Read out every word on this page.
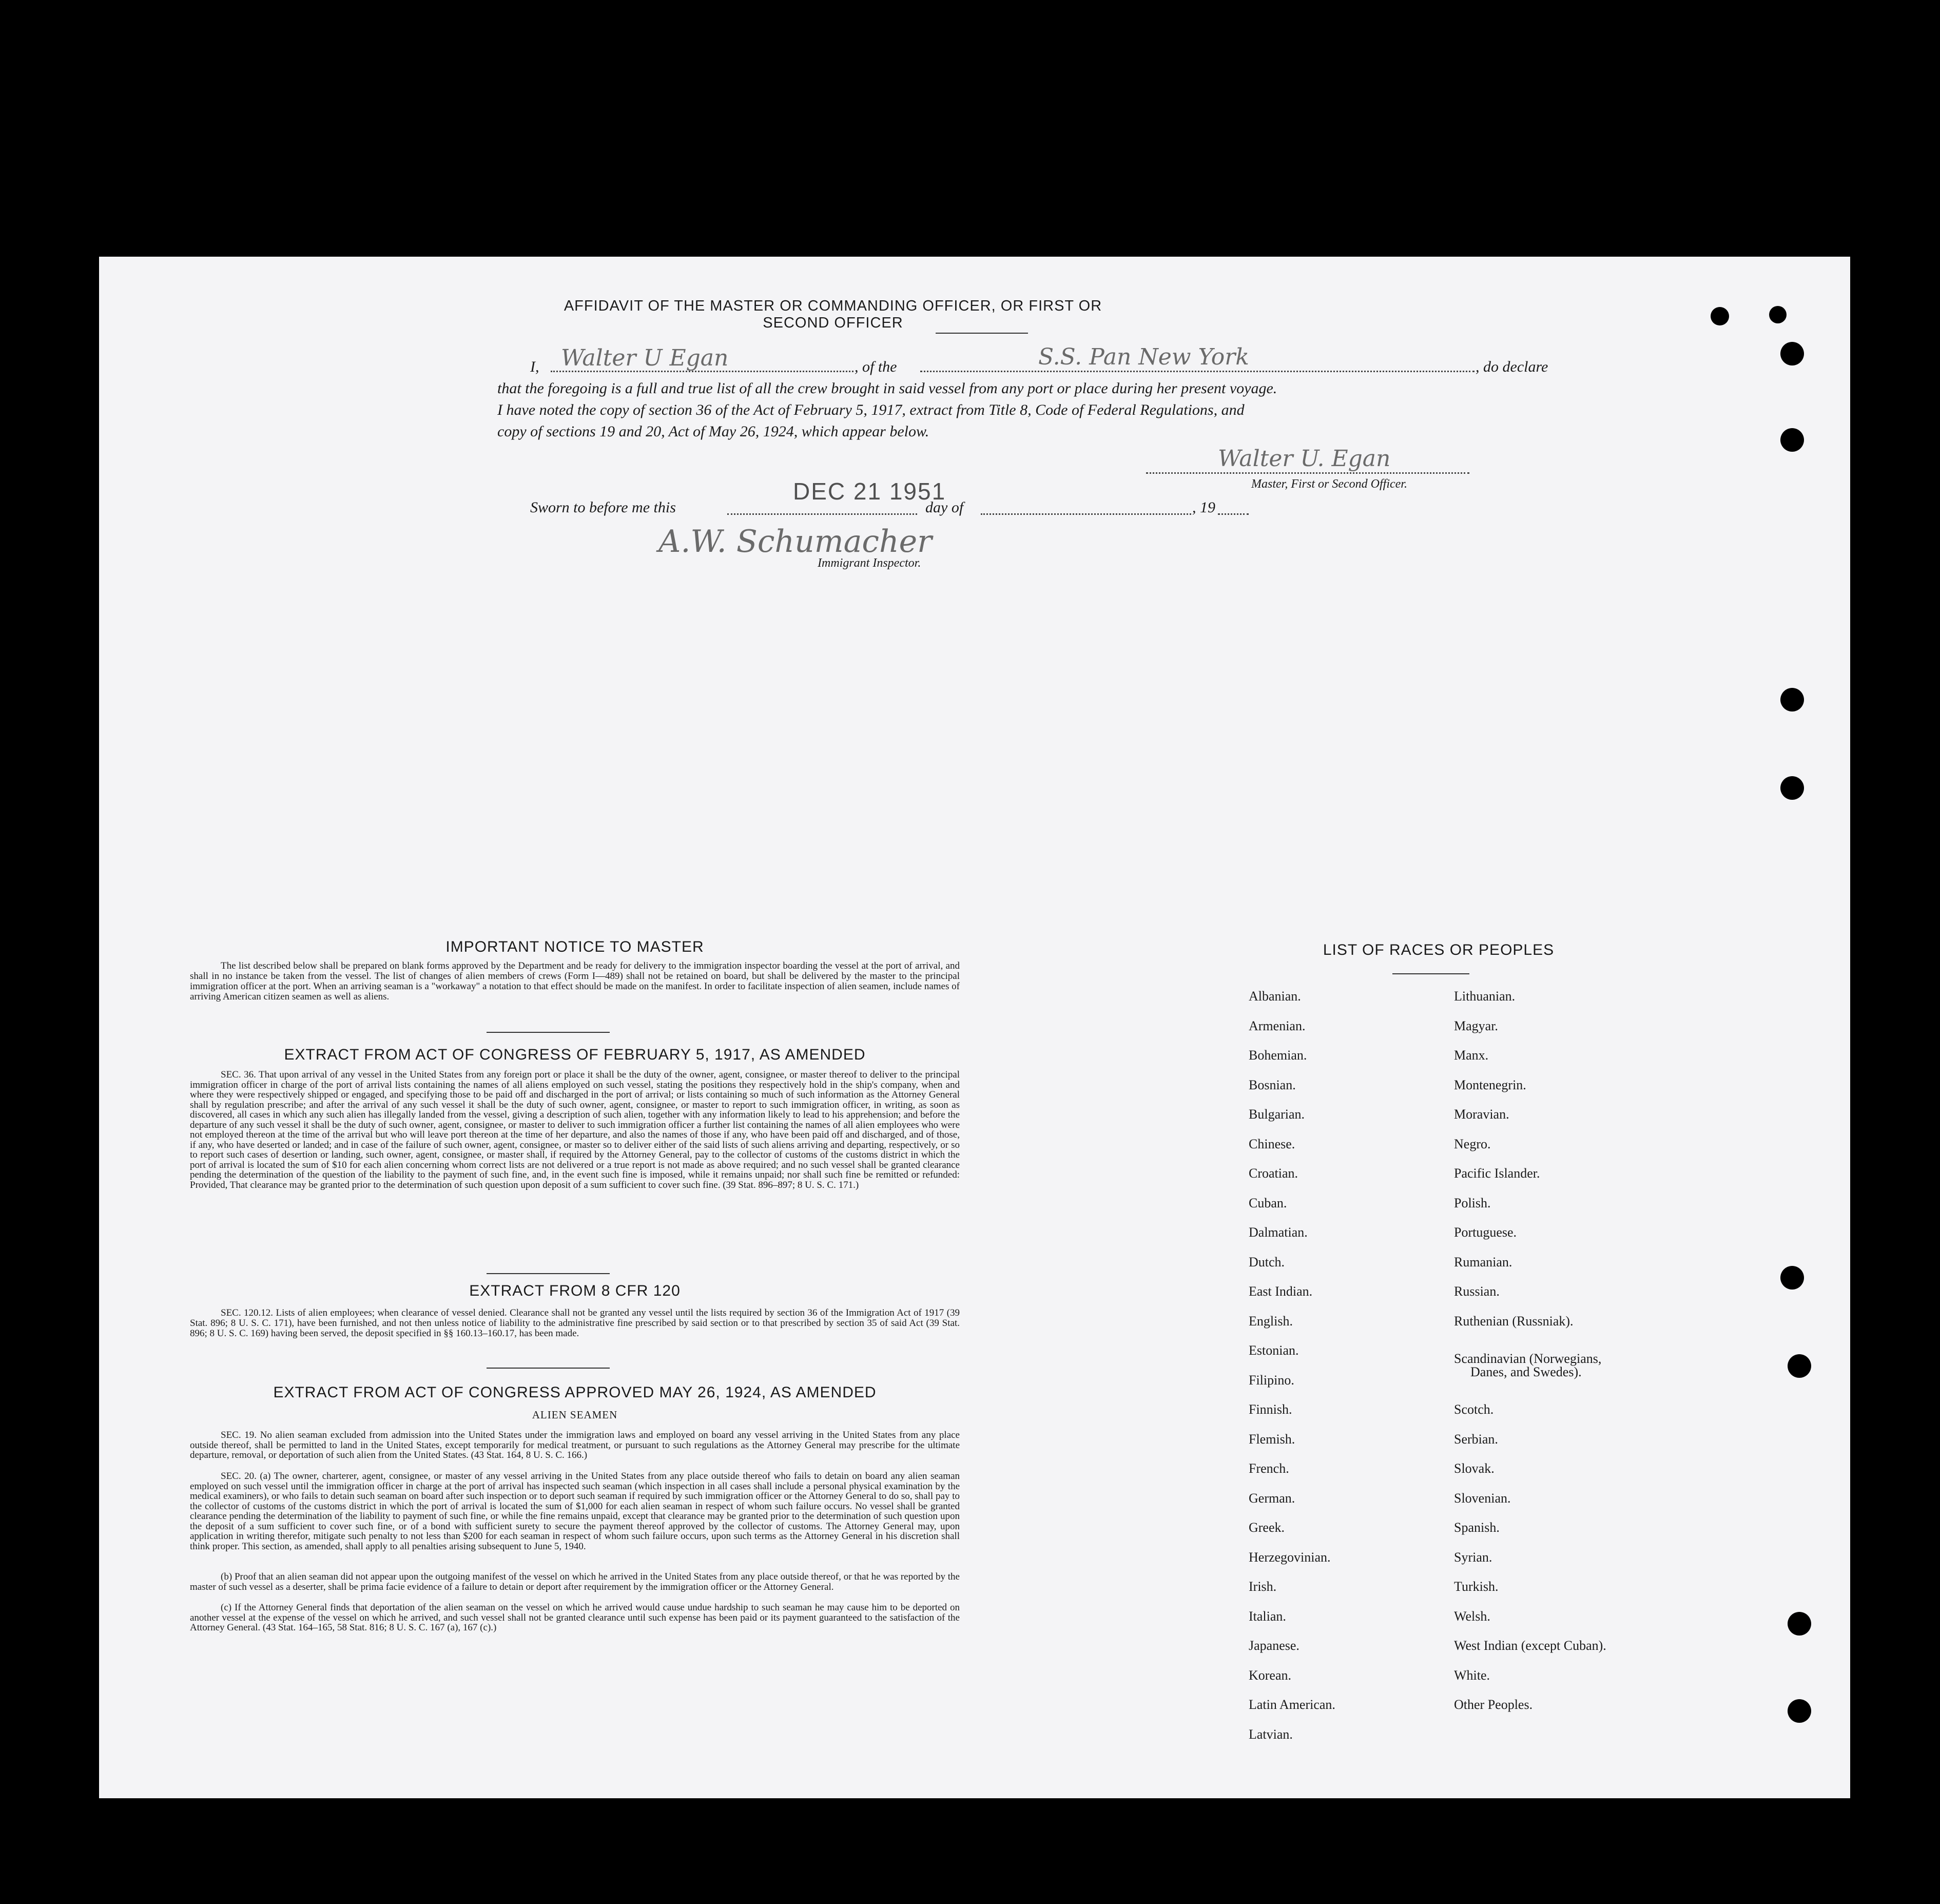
AFFIDAVIT OF THE MASTER OR COMMANDING OFFICER, OR FIRST OR SECOND OFFICER
I, Walter U Egan	, of the	S.S. Pan New York	, do declare
that the foregoing is a full and true list of all the crew brought in said vessel from any port or place during her present voyage.
I have noted the copy of section 36 of the Act of February 5, 1917, extract from Title 8, Code of Federal Regulations, and
copy of sections 19 and 20, Act of May 26, 1924, which appear below.
Walter U. Egan
Master, First or Second Officer.
Sworn to before me this
DEC 21 1951
day of	, 19
A.W. Schumacher
Immigrant Inspector.
IMPORTANT NOTICE TO MASTER
The list described below shall be prepared on blank forms approved by the Department and be ready for delivery to the immigration inspector boarding the vessel at the port of arrival, and shall in no instance be taken from the vessel. The list of changes of alien members of crews (Form I—489) shall not be retained on board, but shall be delivered by the master to the principal immigration officer at the port. When an arriving seaman is a "workaway" a notation to that effect should be made on the manifest. In order to facilitate inspection of alien seamen, include names of arriving American citizen seamen as well as aliens.
EXTRACT FROM ACT OF CONGRESS OF FEBRUARY 5, 1917, AS AMENDED
SEC. 36. That upon arrival of any vessel in the United States from any foreign port or place it shall be the duty of the owner, agent, consignee, or master thereof to deliver to the principal immigration officer in charge of the port of arrival lists containing the names of all aliens employed on such vessel, stating the positions they respectively hold in the ship's company, when and where they were respectively shipped or engaged, and specifying those to be paid off and discharged in the port of arrival; or lists containing so much of such information as the Attorney General shall by regulation prescribe; and after the arrival of any such vessel it shall be the duty of such owner, agent, consignee, or master to report to such immigration officer, in writing, as soon as discovered, all cases in which any such alien has illegally landed from the vessel, giving a description of such alien, together with any information likely to lead to his apprehension; and before the departure of any such vessel it shall be the duty of such owner, agent, consignee, or master to deliver to such immigration officer a further list containing the names of all alien employees who were not employed thereon at the time of the arrival but who will leave port thereon at the time of her departure, and also the names of those if any, who have been paid off and discharged, and of those, if any, who have deserted or landed; and in case of the failure of such owner, agent, consignee, or master so to deliver either of the said lists of such aliens arriving and departing, respectively, or so to report such cases of desertion or landing, such owner, agent, consignee, or master shall, if required by the Attorney General, pay to the collector of customs of the customs district in which the port of arrival is located the sum of $10 for each alien concerning whom correct lists are not delivered or a true report is not made as above required; and no such vessel shall be granted clearance pending the determination of the question of the liability to the payment of such fine, and, in the event such fine is imposed, while it remains unpaid; nor shall such fine be remitted or refunded: Provided, That clearance may be granted prior to the determination of such question upon deposit of a sum sufficient to cover such fine. (39 Stat. 896–897; 8 U. S. C. 171.)
EXTRACT FROM 8 CFR 120
SEC. 120.12. Lists of alien employees; when clearance of vessel denied. Clearance shall not be granted any vessel until the lists required by section 36 of the Immigration Act of 1917 (39 Stat. 896; 8 U. S. C. 171), have been furnished, and not then unless notice of liability to the administrative fine prescribed by said section or to that prescribed by section 35 of said Act (39 Stat. 896; 8 U. S. C. 169) having been served, the deposit specified in §§ 160.13–160.17, has been made.
EXTRACT FROM ACT OF CONGRESS APPROVED MAY 26, 1924, AS AMENDED
ALIEN SEAMEN
SEC. 19. No alien seaman excluded from admission into the United States under the immigration laws and employed on board any vessel arriving in the United States from any place outside thereof, shall be permitted to land in the United States, except temporarily for medical treatment, or pursuant to such regulations as the Attorney General may prescribe for the ultimate departure, removal, or deportation of such alien from the United States. (43 Stat. 164, 8 U. S. C. 166.)
SEC. 20. (a) The owner, charterer, agent, consignee, or master of any vessel arriving in the United States from any place outside thereof who fails to detain on board any alien seaman employed on such vessel until the immigration officer in charge at the port of arrival has inspected such seaman (which inspection in all cases shall include a personal physical examination by the medical examiners), or who fails to detain such seaman on board after such inspection or to deport such seaman if required by such immigration officer or the Attorney General to do so, shall pay to the collector of customs of the customs district in which the port of arrival is located the sum of $1,000 for each alien seaman in respect of whom such failure occurs. No vessel shall be granted clearance pending the determination of the liability to payment of such fine, or while the fine remains unpaid, except that clearance may be granted prior to the determination of such question upon the deposit of a sum sufficient to cover such fine, or of a bond with sufficient surety to secure the payment thereof approved by the collector of customs. The Attorney General may, upon application in writing therefor, mitigate such penalty to not less than $200 for each seaman in respect of whom such failure occurs, upon such terms as the Attorney General in his discretion shall think proper. This section, as amended, shall apply to all penalties arising subsequent to June 5, 1940.
(b) Proof that an alien seaman did not appear upon the outgoing manifest of the vessel on which he arrived in the United States from any place outside thereof, or that he was reported by the master of such vessel as a deserter, shall be prima facie evidence of a failure to detain or deport after requirement by the immigration officer or the Attorney General.
(c) If the Attorney General finds that deportation of the alien seaman on the vessel on which he arrived would cause undue hardship to such seaman he may cause him to be deported on another vessel at the expense of the vessel on which he arrived, and such vessel shall not be granted clearance until such expense has been paid or its payment guaranteed to the satisfaction of the Attorney General. (43 Stat. 164–165, 58 Stat. 816; 8 U. S. C. 167 (a), 167 (c).)
LIST OF RACES OR PEOPLES
Albanian.
Armenian.
Bohemian.
Bosnian.
Bulgarian.
Chinese.
Croatian.
Cuban.
Dalmatian.
Dutch.
East Indian.
English.
Estonian.
Filipino.
Finnish.
Flemish.
French.
German.
Greek.
Herzegovinian.
Irish.
Italian.
Japanese.
Korean.
Latin American.
Latvian.
Lithuanian.
Magyar.
Manx.
Montenegrin.
Moravian.
Negro.
Pacific Islander.
Polish.
Portuguese.
Rumanian.
Russian.
Ruthenian (Russniak).
Scandinavian (Norwegians,
Danes, and Swedes).
Scotch.
Serbian.
Slovak.
Slovenian.
Spanish.
Syrian.
Turkish.
Welsh.
West Indian (except Cuban).
White.
Other Peoples.
